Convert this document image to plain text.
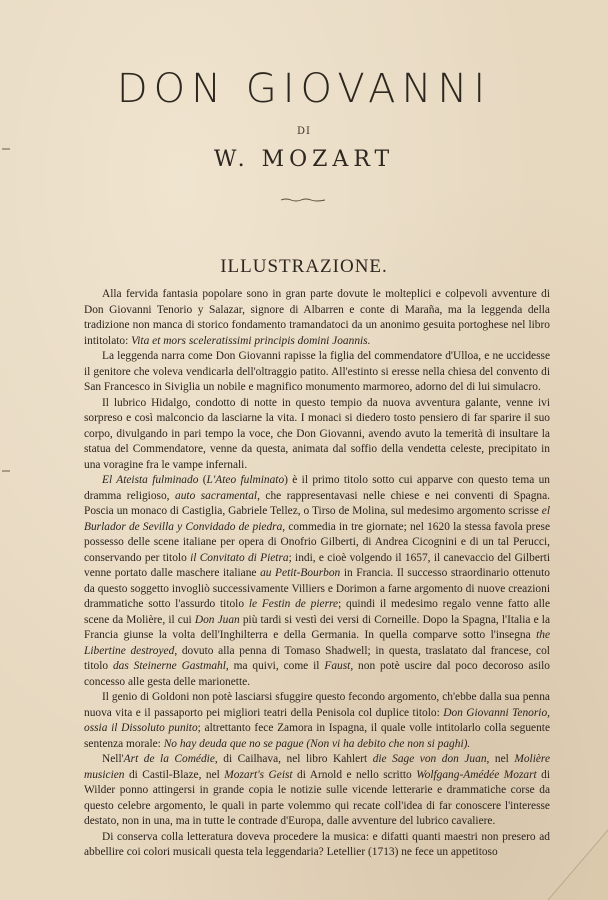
DON GIOVANNI
DI
W. MOZART
ILLUSTRAZIONE.

Alla fervida fantasia popolare sono in gran parte dovute le molteplici e colpevoli avventure di Don Giovanni Tenorio y Salazar, signore di Albarren e conte di Maraña, ma la leggenda della tradizione non manca di storico fondamento tramandatoci da un anonimo gesuita portoghese nel libro intitolato: Vita et mors sceleratissimi principis domini Joannis.

La leggenda narra come Don Giovanni rapisse la figlia del commendatore d'Ulloa, e ne uccidesse il genitore che voleva vendicarla dell'oltraggio patito. All'estinto si eresse nella chiesa del convento di San Francesco in Siviglia un nobile e magnifico monumento marmoreo, adorno del di lui simulacro.

Il lubrico Hidalgo, condotto di notte in questo tempio da nuova avventura galante, venne ivi sorpreso e così malconcio da lasciarne la vita. I monaci si diedero tosto pensiero di far sparire il suo corpo, divulgando in pari tempo la voce, che Don Giovanni, avendo avuto la temerità di insultare la statua del Commendatore, venne da questa, animata dal soffio della vendetta celeste, precipitato in una voragine fra le vampe infernali.

El Ateista fulminado (L'Ateo fulminato) è il primo titolo sotto cui apparve con questo tema un dramma religioso, auto sacramental, che rappresentavasi nelle chiese e nei conventi di Spagna. Poscia un monaco di Castiglia, Gabriele Tellez, o Tirso de Molina, sul medesimo argomento scrisse el Burlador de Sevilla y Convidado de piedra, commedia in tre giornate; nel 1620 la stessa favola prese possesso delle scene italiane per opera di Onofrio Gilberti, di Andrea Cicognini e di un tal Perucci, conservando per titolo il Convitato di Pietra; indi, e cioè volgendo il 1657, il canevaccio del Gilberti venne portato dalle maschere italiane au Petit-Bourbon in Francia. Il successo straordinario ottenuto da questo soggetto invogliò successivamente Villiers e Dorimon a farne argomento di nuove creazioni drammatiche sotto l'assurdo titolo le Festin de pierre; quindi il medesimo regalo venne fatto alle scene da Molière, il cui Don Juan più tardi si vestì dei versi di Corneille. Dopo la Spagna, l'Italia e la Francia giunse la volta dell'Inghilterra e della Germania. In quella comparve sotto l'insegna the Libertine destroyed, dovuto alla penna di Tomaso Shadwell; in questa, traslatato dal francese, col titolo das Steinerne Gastmahl, ma quivi, come il Faust, non potè uscire dal poco decoroso asilo concesso alle gesta delle marionette.

Il genio di Goldoni non potè lasciarsi sfuggire questo fecondo argomento, ch'ebbe dalla sua penna nuova vita e il passaporto pei migliori teatri della Penisola col duplice titolo: Don Giovanni Tenorio, ossia il Dissoluto punito; altrettanto fece Zamora in Ispagna, il quale volle intitolarlo colla seguente sentenza morale: No hay deuda que no se pague (Non vi ha debito che non si paghi).

Nell'Art de la Comédie, di Cailhava, nel libro Kahlert die Sage von don Juan, nel Molière musicien di Castil-Blaze, nel Mozart's Geist di Arnold e nello scritto Wolfgang-Amédée Mozart di Wilder ponno attingersi in grande copia le notizie sulle vicende letterarie e drammatiche corse da questo celebre argomento, le quali in parte volemmo qui recate coll'idea di far conoscere l'interesse destato, non in una, ma in tutte le contrade d'Europa, dalle avventure del lubrico cavaliere.

Di conserva colla letteratura doveva procedere la musica: e difatti quanti maestri non presero ad abbellire coi colori musicali questa tela leggendaria? Letellier (1713) ne fece un appetitoso
